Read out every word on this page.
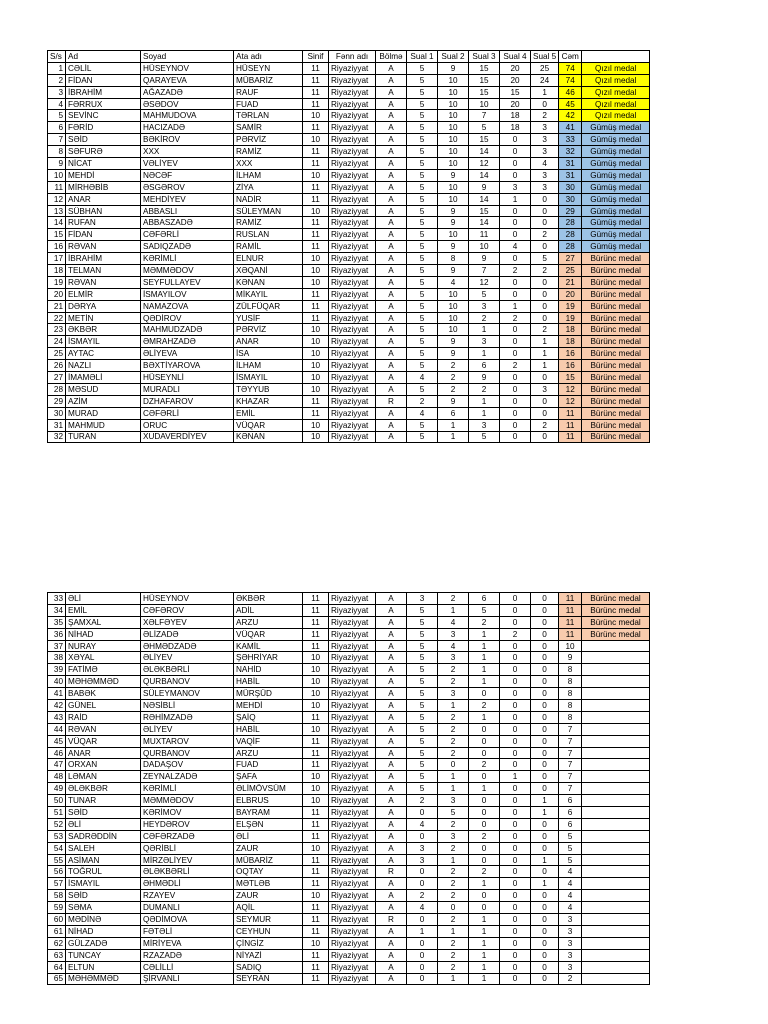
S/s	Ad	Soyad	Ata adı	Sinif	Fənn adı	Bölmə	Sual 1	Sual 2	Sual 3	Sual 4	Sual 5	Cəm	
1	CƏLİL	HÜSEYNOV	HÜSEYN	11	Riyaziyyat	A	5	9	15	20	25	74	Qızıl medal
2	FİDAN	QARAYEVA	MÜBARİZ	11	Riyaziyyat	A	5	10	15	20	24	74	Qızıl medal
3	İBRAHİM	AĞAZADƏ	RAUF	11	Riyaziyyat	A	5	10	15	15	1	46	Qızıl medal
4	FƏRRUX	ƏSƏDOV	FUAD	11	Riyaziyyat	A	5	10	10	20	0	45	Qızıl medal
5	SEVİNC	MAHMUDOVA	TƏRLAN	10	Riyaziyyat	A	5	10	7	18	2	42	Qızıl medal
6	FƏRİD	HACIZADƏ	SAMİR	11	Riyaziyyat	A	5	10	5	18	3	41	Gümüş medal
7	SƏİD	BƏKİROV	PƏRVİZ	10	Riyaziyyat	A	5	10	15	0	3	33	Gümüş medal
8	SƏFURƏ	XXX	RAMİZ	11	Riyaziyyat	A	5	10	14	0	3	32	Gümüş medal
9	NİCAT	VƏLİYEV	XXX	11	Riyaziyyat	A	5	10	12	0	4	31	Gümüş medal
10	MEHDİ	NƏCƏF	İLHAM	10	Riyaziyyat	A	5	9	14	0	3	31	Gümüş medal
11	MİRHƏBİB	ƏSGƏROV	ZİYA	11	Riyaziyyat	A	5	10	9	3	3	30	Gümüş medal
12	ANAR	MEHDİYEV	NADİR	11	Riyaziyyat	A	5	10	14	1	0	30	Gümüş medal
13	SÜBHAN	ABBASLI	SÜLEYMAN	10	Riyaziyyat	A	5	9	15	0	0	29	Gümüş medal
14	RUFAN	ABBASZADƏ	RAMİZ	11	Riyaziyyat	A	5	9	14	0	0	28	Gümüş medal
15	FİDAN	CƏFƏRLİ	RUSLAN	11	Riyaziyyat	A	5	10	11	0	2	28	Gümüş medal
16	RƏVAN	SADIQZADƏ	RAMİL	11	Riyaziyyat	A	5	9	10	4	0	28	Gümüş medal
17	İBRAHİM	KƏRİMLİ	ELNUR	10	Riyaziyyat	A	5	8	9	0	5	27	Bürünc medal
18	TELMAN	MƏMMƏDOV	XƏQANİ	10	Riyaziyyat	A	5	9	7	2	2	25	Bürünc medal
19	RƏVAN	SEYFULLAYEV	KƏNAN	10	Riyaziyyat	A	5	4	12	0	0	21	Bürünc medal
20	ELMİR	İSMAYILOV	MİKAYIL	11	Riyaziyyat	A	5	10	5	0	0	20	Bürünc medal
21	DƏRYA	NAMAZOVA	ZÜLFÜQAR	11	Riyaziyyat	A	5	10	3	1	0	19	Bürünc medal
22	METİN	QƏDİROV	YUSİF	11	Riyaziyyat	A	5	10	2	2	0	19	Bürünc medal
23	ƏKBƏR	MAHMUDZADƏ	PƏRVİZ	10	Riyaziyyat	A	5	10	1	0	2	18	Bürünc medal
24	İSMAYIL	ƏMRAHZADƏ	ANAR	10	Riyaziyyat	A	5	9	3	0	1	18	Bürünc medal
25	AYTAC	ƏLİYEVA	İSA	10	Riyaziyyat	A	5	9	1	0	1	16	Bürünc medal
26	NAZLI	BƏXTİYAROVA	İLHAM	10	Riyaziyyat	A	5	2	6	2	1	16	Bürünc medal
27	İMAMƏLİ	HÜSEYNLİ	İSMAYIL	10	Riyaziyyat	A	4	2	9	0	0	15	Bürünc medal
28	MƏSUD	MURADLI	TƏYYUB	10	Riyaziyyat	A	5	2	2	0	3	12	Bürünc medal
29	AZİM	DZHAFAROV	KHAZAR	11	Riyaziyyat	R	2	9	1	0	0	12	Bürünc medal
30	MURAD	CƏFƏRLİ	EMİL	11	Riyaziyyat	A	4	6	1	0	0	11	Bürünc medal
31	MAHMUD	ORUC	VÜQAR	10	Riyaziyyat	A	5	1	3	0	2	11	Bürünc medal
32	TURAN	XUDAVERDİYEV	KƏNAN	10	Riyaziyyat	A	5	1	5	0	0	11	Bürünc medal
33	ƏLİ	HÜSEYNOV	ƏKBƏR	11	Riyaziyyat	A	3	2	6	0	0	11	Bürünc medal
34	EMİL	CƏFƏROV	ADİL	11	Riyaziyyat	A	5	1	5	0	0	11	Bürünc medal
35	ŞAMXAL	XƏLFƏYEV	ARZU	11	Riyaziyyat	A	5	4	2	0	0	11	Bürünc medal
36	NİHAD	ƏLİZADƏ	VÜQAR	11	Riyaziyyat	A	5	3	1	2	0	11	Bürünc medal
37	NURAY	ƏHMƏDZADƏ	KAMİL	11	Riyaziyyat	A	5	4	1	0	0	10	
38	XƏYAL	ƏLİYEV	ŞƏHRİYAR	10	Riyaziyyat	A	5	3	1	0	0	9	
39	FATİMƏ	ƏLƏKBƏRLİ	NAHİD	10	Riyaziyyat	A	5	2	1	0	0	8	
40	MƏHƏMMƏD	QURBANOV	HABİL	10	Riyaziyyat	A	5	2	1	0	0	8	
41	BABƏK	SÜLEYMANOV	MÜRŞÜD	10	Riyaziyyat	A	5	3	0	0	0	8	
42	GÜNEL	NƏSİBLİ	MEHDİ	10	Riyaziyyat	A	5	1	2	0	0	8	
43	RAİD	RƏHİMZADƏ	ŞAİQ	11	Riyaziyyat	A	5	2	1	0	0	8	
44	RƏVAN	ƏLİYEV	HABİL	10	Riyaziyyat	A	5	2	0	0	0	7	
45	VÜQAR	MUXTAROV	VAQİF	11	Riyaziyyat	A	5	2	0	0	0	7	
46	ANAR	QURBANOV	ARZU	11	Riyaziyyat	A	5	2	0	0	0	7	
47	ORXAN	DADAŞOV	FUAD	11	Riyaziyyat	A	5	0	2	0	0	7	
48	LƏMAN	ZEYNALZADƏ	ŞAFA	10	Riyaziyyat	A	5	1	0	1	0	7	
49	ƏLƏKBƏR	KƏRİMLİ	ƏLİMÖVSÜM	10	Riyaziyyat	A	5	1	1	0	0	7	
50	TUNAR	MƏMMƏDOV	ELBRUS	10	Riyaziyyat	A	2	3	0	0	1	6	
51	SƏİD	KƏRİMOV	BAYRAM	11	Riyaziyyat	A	0	5	0	0	1	6	
52	ƏLİ	HEYDƏROV	ELŞƏN	11	Riyaziyyat	A	4	2	0	0	0	6	
53	SADRƏDDİN	CƏFƏRZADƏ	ƏLİ	11	Riyaziyyat	A	0	3	2	0	0	5	
54	SALEH	QƏRİBLİ	ZAUR	10	Riyaziyyat	A	3	2	0	0	0	5	
55	ASİMAN	MİRZƏLİYEV	MÜBARİZ	11	Riyaziyyat	A	3	1	0	0	1	5	
56	TOĞRUL	ƏLƏKBƏRLİ	OQTAY	11	Riyaziyyat	R	0	2	2	0	0	4	
57	İSMAYIL	ƏHMƏDLİ	MƏTLƏB	11	Riyaziyyat	A	0	2	1	0	1	4	
58	SƏİD	RZAYEV	ZAUR	10	Riyaziyyat	A	2	2	0	0	0	4	
59	SƏMA	DUMANLI	AQİL	11	Riyaziyyat	A	4	0	0	0	0	4	
60	MƏDİNƏ	QƏDİMOVA	SEYMUR	11	Riyaziyyat	R	0	2	1	0	0	3	
61	NİHAD	FƏTƏLİ	CEYHUN	11	Riyaziyyat	A	1	1	1	0	0	3	
62	GÜLZADƏ	MİRİYEVA	ÇİNGİZ	10	Riyaziyyat	A	0	2	1	0	0	3	
63	TUNCAY	RZAZADƏ	NİYAZİ	11	Riyaziyyat	A	0	2	1	0	0	3	
64	ELTUN	CƏLİLLİ	SADIQ	11	Riyaziyyat	A	0	2	1	0	0	3	
65	MƏHƏMMƏD	ŞİRVANLI	SEYRAN	11	Riyaziyyat	A	0	1	1	0	0	2	
